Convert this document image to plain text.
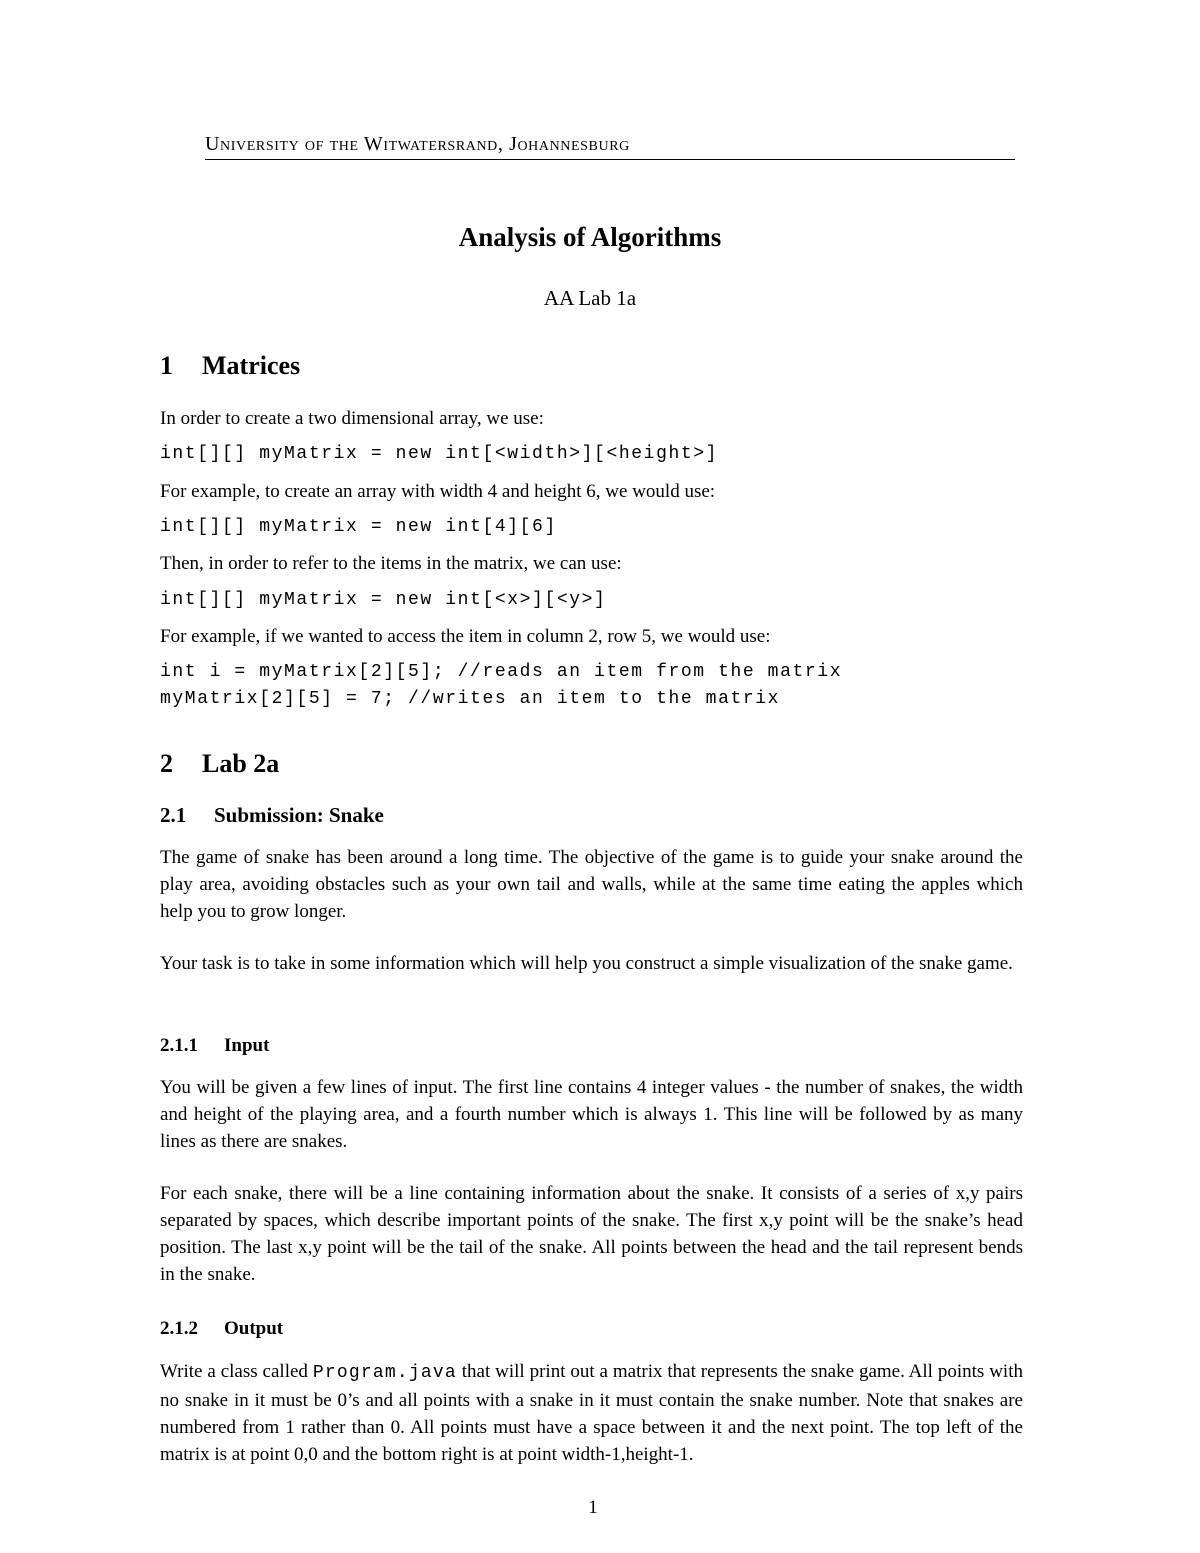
University of the Witwatersrand, Johannesburg
Analysis of Algorithms
AA Lab 1a
1 Matrices
In order to create a two dimensional array, we use:
int[][] myMatrix = new int[<width>][<height>]
For example, to create an array with width 4 and height 6, we would use:
int[][] myMatrix = new int[4][6]
Then, in order to refer to the items in the matrix, we can use:
int[][] myMatrix = new int[<x>][<y>]
For example, if we wanted to access the item in column 2, row 5, we would use:
int i = myMatrix[2][5]; //reads an item from the matrix
myMatrix[2][5] = 7; //writes an item to the matrix
2 Lab 2a
2.1 Submission: Snake
The game of snake has been around a long time. The objective of the game is to guide your snake around the play area, avoiding obstacles such as your own tail and walls, while at the same time eating the apples which help you to grow longer.
Your task is to take in some information which will help you construct a simple visualization of the snake game.
2.1.1 Input
You will be given a few lines of input. The first line contains 4 integer values - the number of snakes, the width and height of the playing area, and a fourth number which is always 1. This line will be followed by as many lines as there are snakes.
For each snake, there will be a line containing information about the snake. It consists of a series of x,y pairs separated by spaces, which describe important points of the snake. The first x,y point will be the snake’s head position. The last x,y point will be the tail of the snake. All points between the head and the tail represent bends in the snake.
2.1.2 Output
Write a class called Program.java that will print out a matrix that represents the snake game. All points with no snake in it must be 0’s and all points with a snake in it must contain the snake number. Note that snakes are numbered from 1 rather than 0. All points must have a space between it and the next point. The top left of the matrix is at point 0,0 and the bottom right is at point width-1,height-1.
1
